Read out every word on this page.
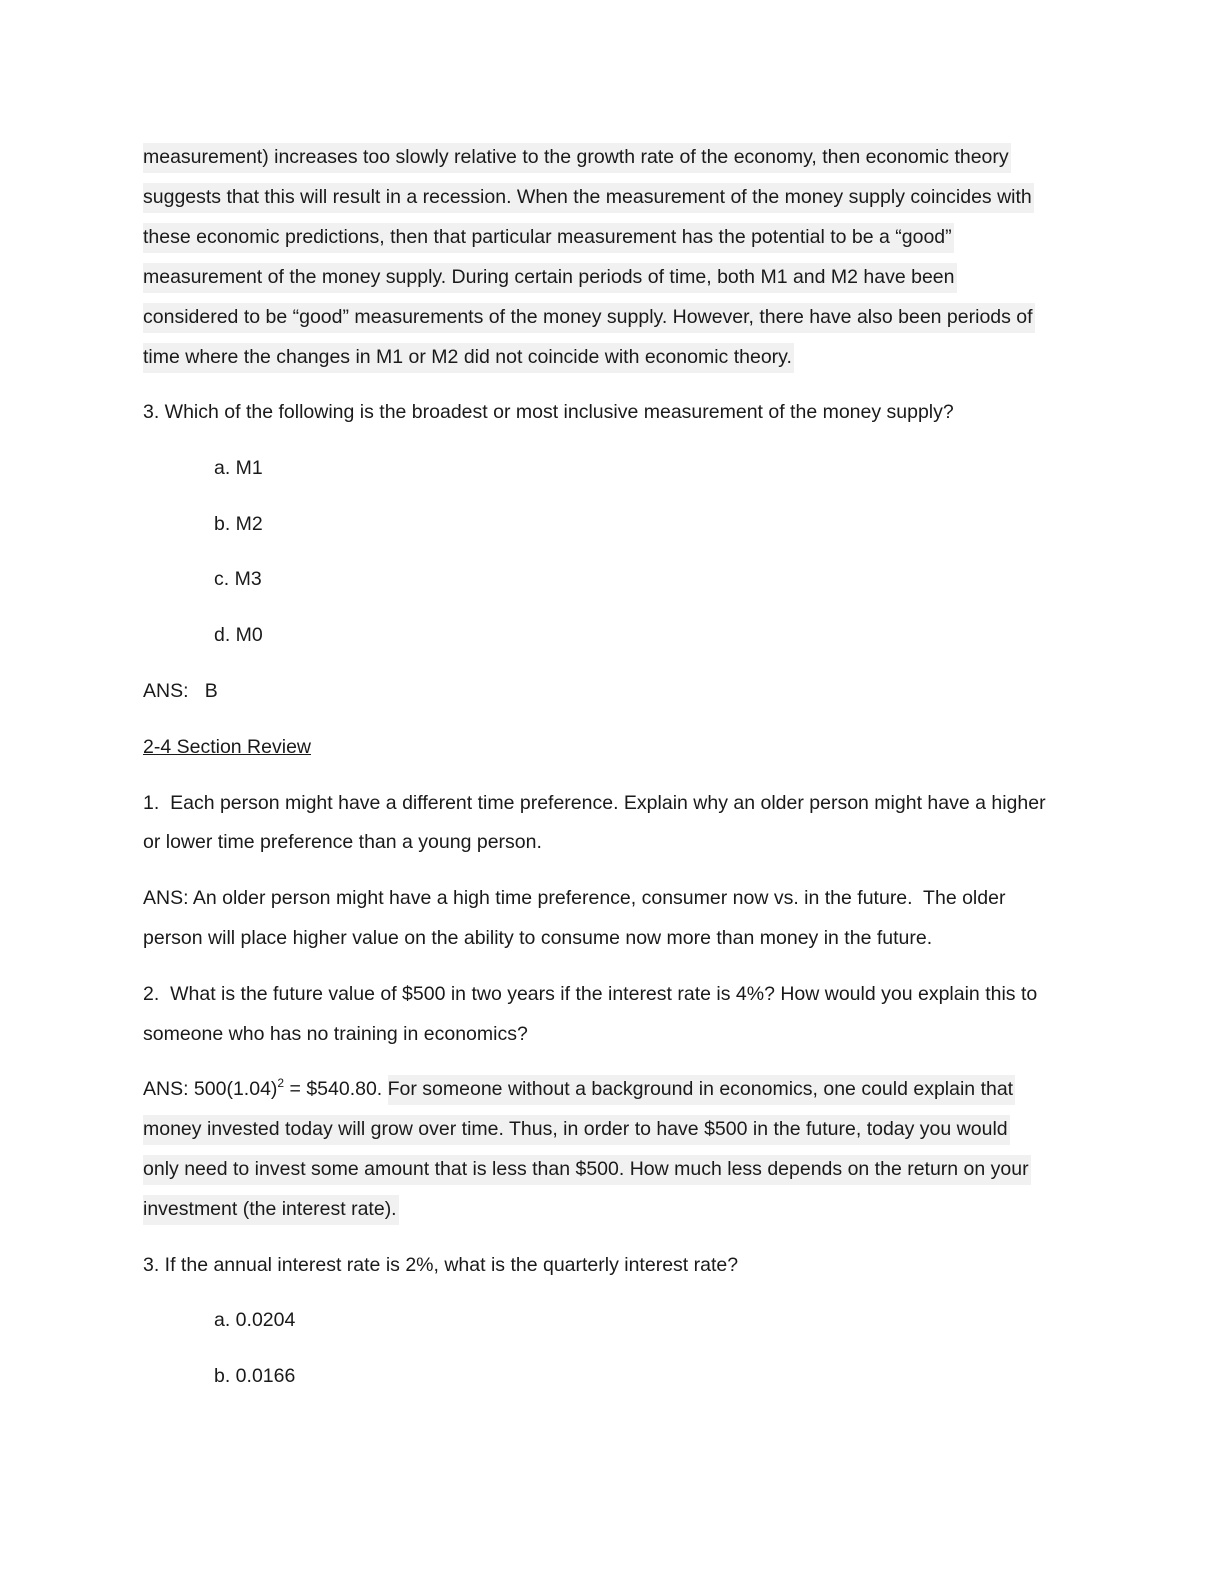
measurement) increases too slowly relative to the growth rate of the economy, then economic theory
suggests that this will result in a recession. When the measurement of the money supply coincides with
these economic predictions, then that particular measurement has the potential to be a “good”
measurement of the money supply. During certain periods of time, both M1 and M2 have been
considered to be “good” measurements of the money supply. However, there have also been periods of
time where the changes in M1 or M2 did not coincide with economic theory.
3. Which of the following is the broadest or most inclusive measurement of the money supply?
a. M1
b. M2
c. M3
d. M0
ANS:   B
2-4 Section Review
1.  Each person might have a different time preference. Explain why an older person might have a higher
or lower time preference than a young person.
ANS: An older person might have a high time preference, consumer now vs. in the future.  The older
person will place higher value on the ability to consume now more than money in the future.
2.  What is the future value of $500 in two years if the interest rate is 4%? How would you explain this to
someone who has no training in economics?
ANS: $500(1.04)^2$ = $540.80. For someone without a background in economics, one could explain that
money invested today will grow over time. Thus, in order to have $500 in the future, today you would
only need to invest some amount that is less than $500. How much less depends on the return on your
investment (the interest rate).
3. If the annual interest rate is 2%, what is the quarterly interest rate?
a. 0.0204
b. 0.0166
